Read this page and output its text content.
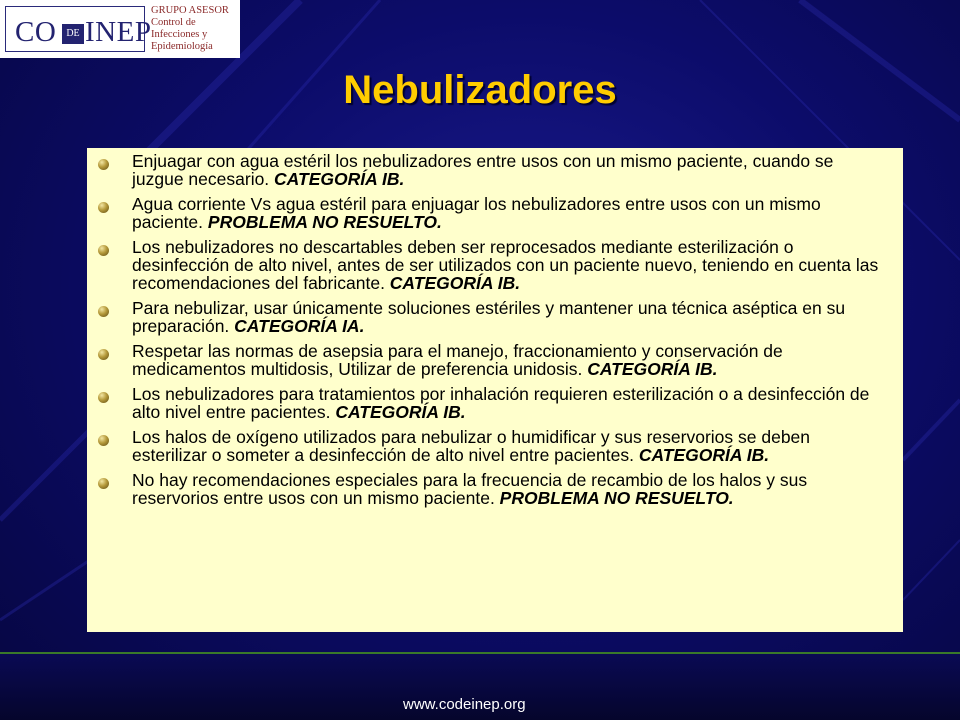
CO	DE INEP
GRUPO ASESOR
Control de
Infecciones y
Epidemiología
Nebulizadores
Enjuagar con agua estéril los nebulizadores entre usos con un mismo paciente, cuando se juzgue necesario. CATEGORÍA IB.
Agua corriente Vs agua estéril para enjuagar los nebulizadores entre usos con un mismo paciente. PROBLEMA NO RESUELTO.
Los nebulizadores no descartables deben ser reprocesados mediante esterilización o desinfección de alto nivel, antes de ser utilizados con un paciente nuevo, teniendo en cuenta las recomendaciones del fabricante. CATEGORÍA IB.
Para nebulizar, usar únicamente soluciones estériles y mantener una técnica aséptica en su preparación. CATEGORÍA IA.
Respetar las normas de asepsia para el manejo, fraccionamiento y conservación de medicamentos multidosis, Utilizar de preferencia unidosis. CATEGORÍA IB.
Los nebulizadores para tratamientos por inhalación requieren esterilización o a desinfección de alto nivel entre pacientes. CATEGORÍA IB.
Los halos de oxígeno utilizados para nebulizar o humidificar y sus reservorios se deben esterilizar o someter a desinfección de alto nivel entre pacientes. CATEGORÍA IB.
No hay recomendaciones especiales para la frecuencia de recambio de los halos y sus reservorios entre usos con un mismo paciente. PROBLEMA NO RESUELTO.
www.codeinep.org
